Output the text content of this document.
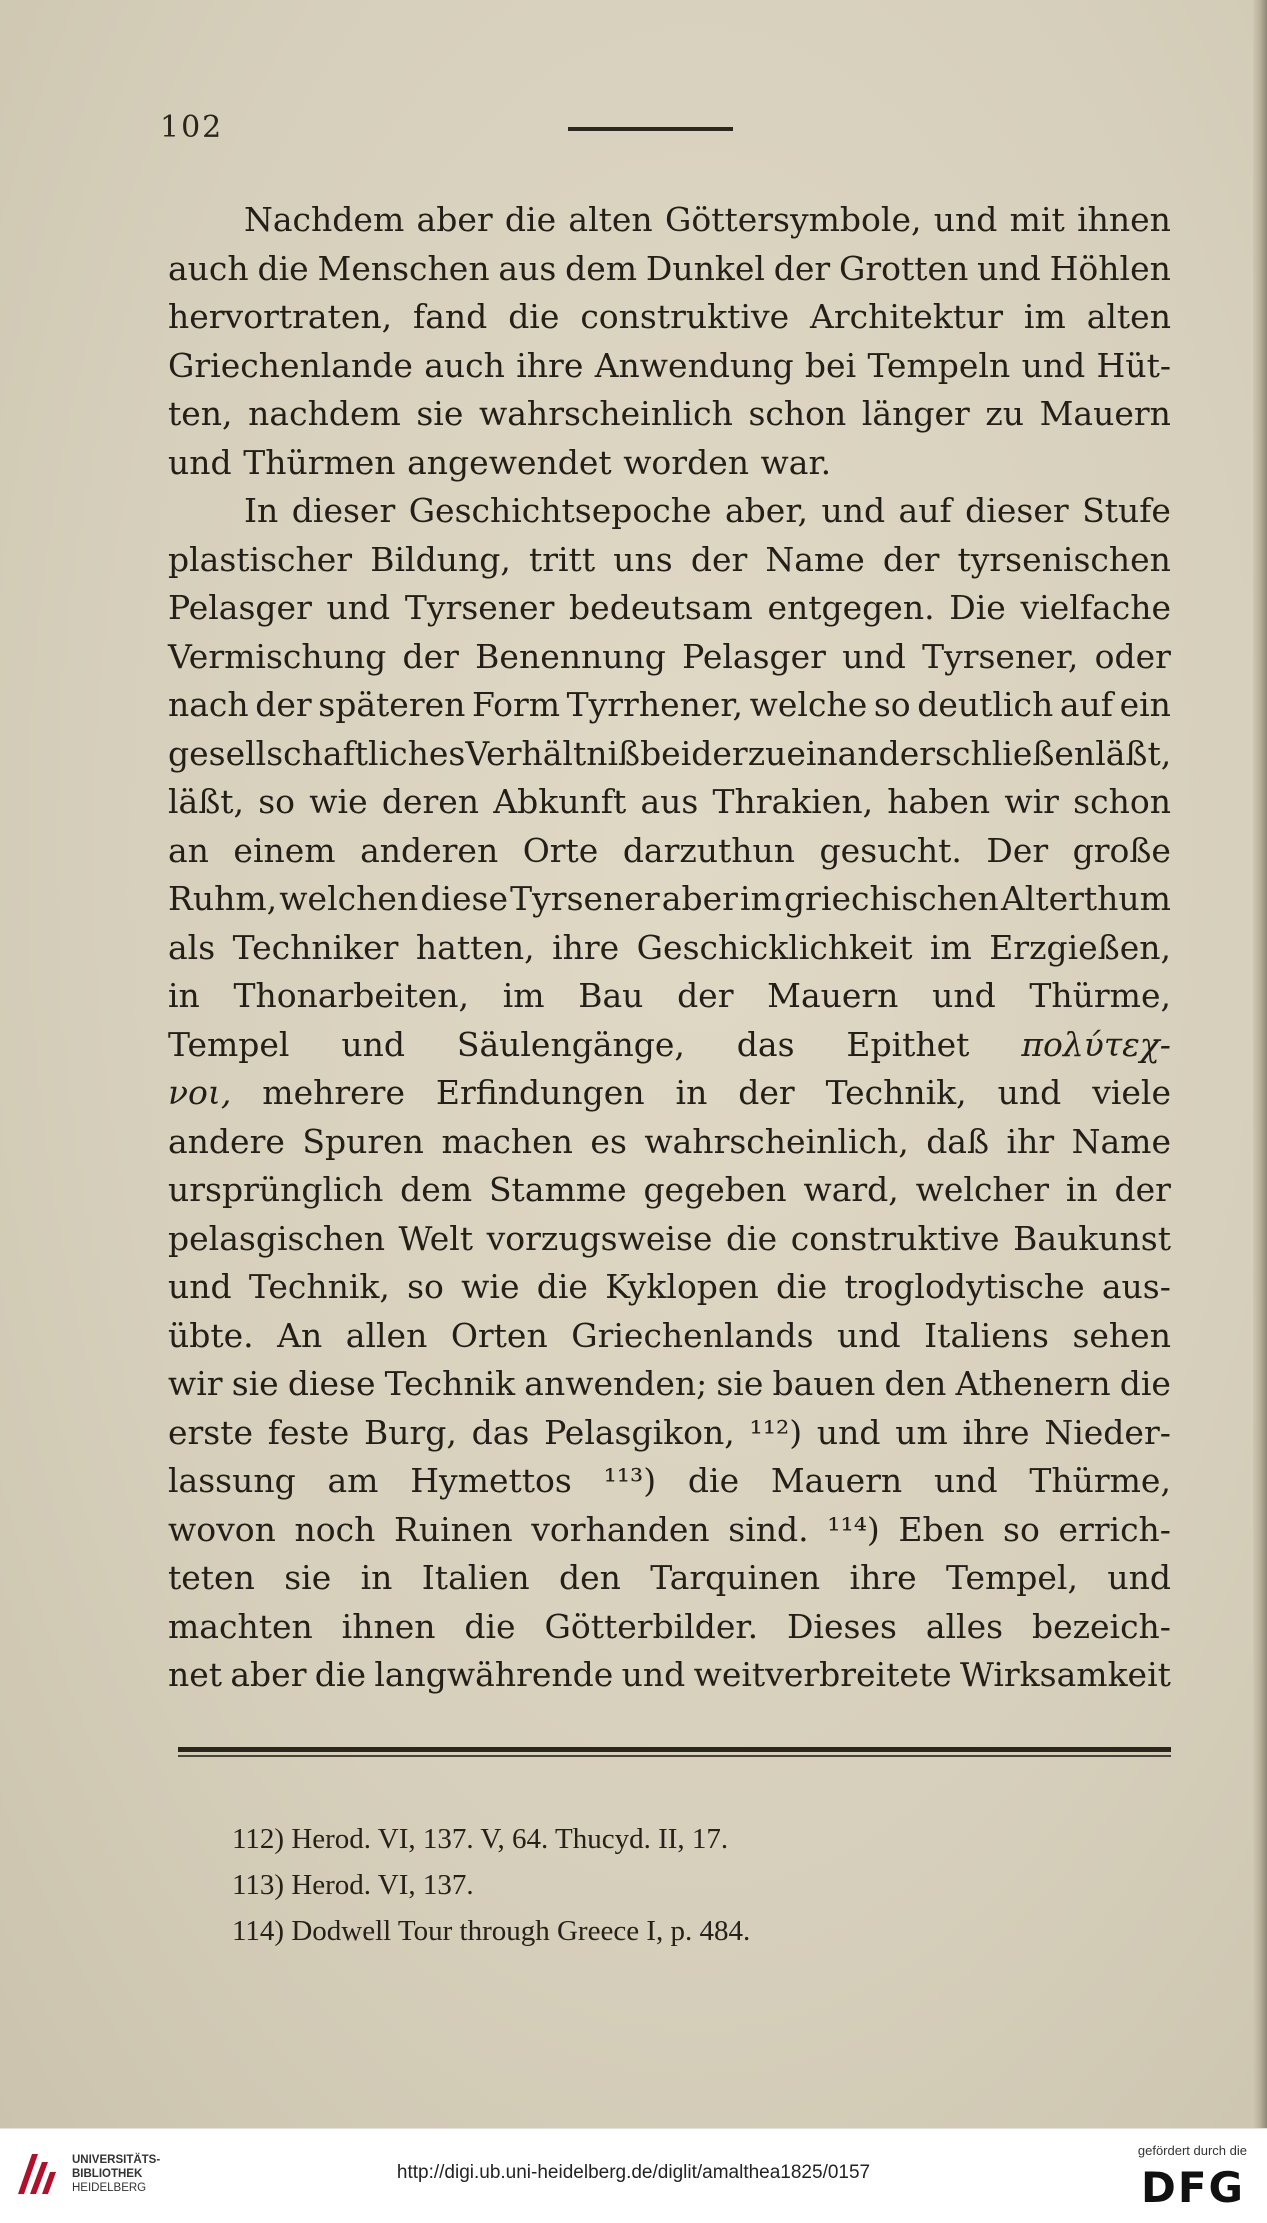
102
Nachdem aber die alten Göttersymbole, und mit ihnen
auch die Menschen aus dem Dunkel der Grotten und Höhlen
hervortraten, fand die construktive Architektur im alten
Griechenlande auch ihre Anwendung bei Tempeln und Hüt-
ten, nachdem sie wahrscheinlich schon länger zu Mauern
und Thürmen angewendet worden war.
In dieser Geschichtsepoche aber, und auf dieser Stufe
plastischer Bildung, tritt uns der Name der tyrsenischen
Pelasger und Tyrsener bedeutsam entgegen. Die vielfache
Vermischung der Benennung Pelasger und Tyrsener, oder
nach der späteren Form Tyrrhener, welche so deutlich auf ein
gesellschaftliches Verhältniß beider zu einander schließen läßt,
läßt, so wie deren Abkunft aus Thrakien, haben wir schon
an einem anderen Orte darzuthun gesucht. Der große
Ruhm, welchen diese Tyrsener aber im griechischen Alterthum
als Techniker hatten, ihre Geschicklichkeit im Erzgießen,
in Thonarbeiten, im Bau der Mauern und Thürme,
Tempel und Säulengänge, das Epithet πολύτεχ-
νοι, mehrere Erfindungen in der Technik, und viele
andere Spuren machen es wahrscheinlich, daß ihr Name
ursprünglich dem Stamme gegeben ward, welcher in der
pelasgischen Welt vorzugsweise die construktive Baukunst
und Technik, so wie die Kyklopen die troglodytische aus-
übte. An allen Orten Griechenlands und Italiens sehen
wir sie diese Technik anwenden; sie bauen den Athenern die
erste feste Burg, das Pelasgikon, ¹¹²) und um ihre Nieder-
lassung am Hymettos ¹¹³) die Mauern und Thürme,
wovon noch Ruinen vorhanden sind. ¹¹⁴) Eben so errich-
teten sie in Italien den Tarquinen ihre Tempel, und
machten ihnen die Götterbilder. Dieses alles bezeich-
net aber die langwährende und weitverbreitete Wirksamkeit
112) Herod. VI, 137. V, 64. Thucyd. II, 17.
113) Herod. VI, 137.
114) Dodwell Tour through Greece I, p. 484.
UNIVERSITÄTS-
BIBLIOTHEK
HEIDELBERG
http://digi.ub.uni-heidelberg.de/diglit/amalthea1825/0157
gefördert durch die
DFG
